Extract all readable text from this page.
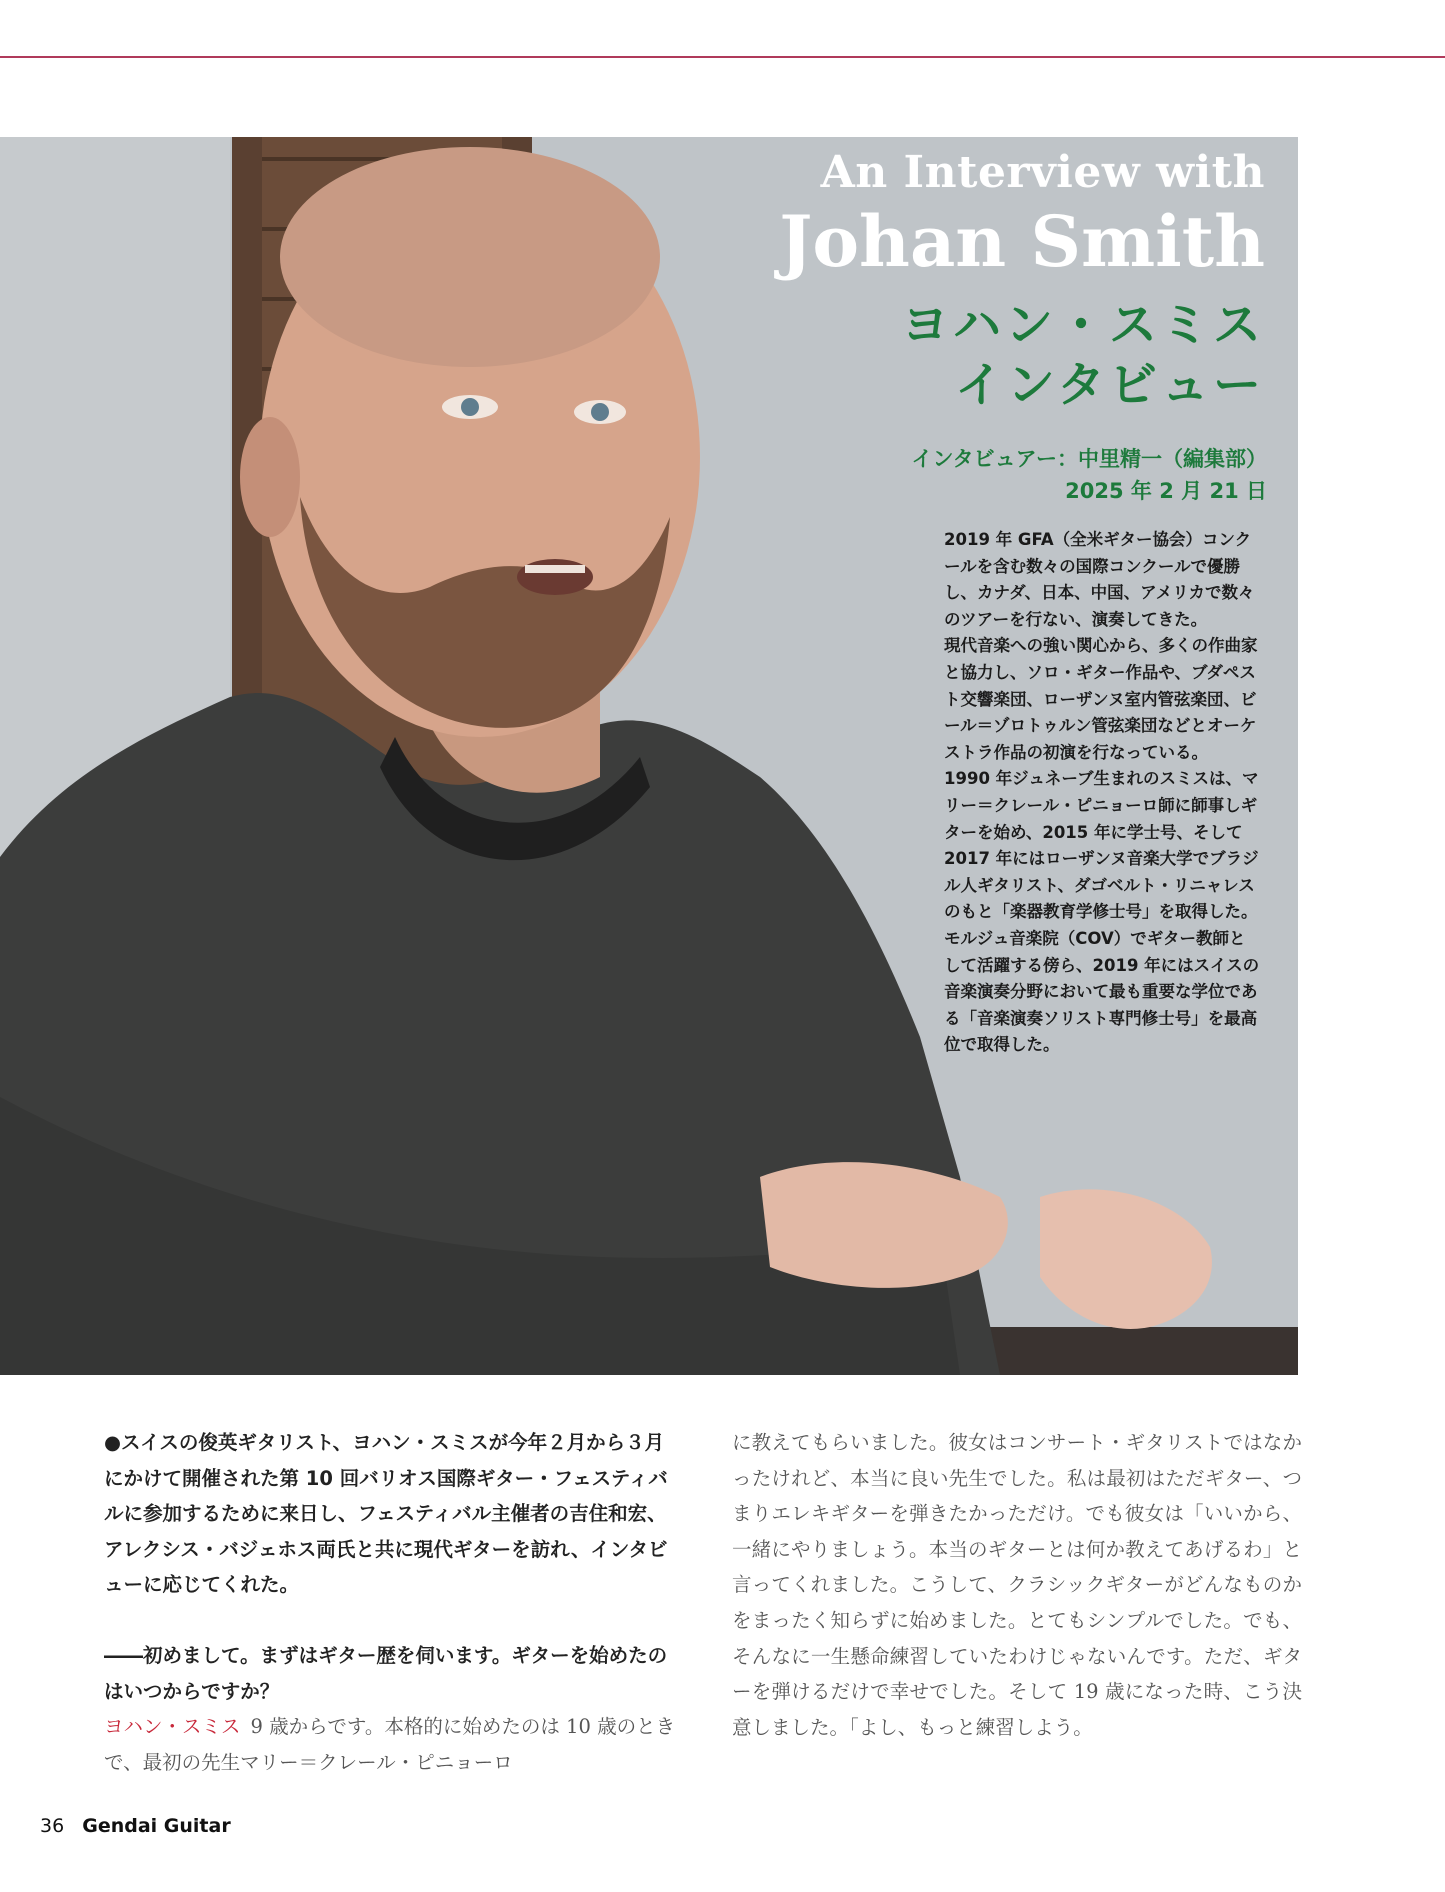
An Interview with
Johan Smith
ヨハン・スミス
インタビュー
インタビュアー：中里精一（編集部）
2025 年 2 月 21 日

2019 年 GFA（全米ギター協会）コンクールを含む数々の国際コンクールで優勝し、カナダ、日本、中国、アメリカで数々のツアーを行ない、演奏してきた。

現代音楽への強い関心から、多くの作曲家と協力し、ソロ・ギター作品や、ブダペスト交響楽団、ローザンヌ室内管弦楽団、ビール＝ゾロトゥルン管弦楽団などとオーケストラ作品の初演を行なっている。

1990 年ジュネーブ生まれのスミスは、マリー＝クレール・ピニョーロ師に師事しギターを始め、2015 年に学士号、そして 2017 年にはローザンヌ音楽大学でブラジル人ギタリスト、ダゴベルト・リニャレスのもと「楽器教育学修士号」を取得した。モルジュ音楽院（COV）でギター教師として活躍する傍ら、2019 年にはスイスの音楽演奏分野において最も重要な学位である「音楽演奏ソリスト専門修士号」を最高位で取得した。

●スイスの俊英ギタリスト、ヨハン・スミスが今年２月から３月にかけて開催された第 10 回バリオス国際ギター・フェスティバルに参加するために来日し、フェスティバル主催者の吉住和宏、アレクシス・バジェホス両氏と共に現代ギターを訪れ、インタビューに応じてくれた。

――初めまして。まずはギター歴を伺います。ギターを始めたのはいつからですか？

ヨハン・スミス 9 歳からです。本格的に始めたのは 10 歳のときで、最初の先生マリー＝クレール・ピニョーロ

に教えてもらいました。彼女はコンサート・ギタリストではなかったけれど、本当に良い先生でした。私は最初はただギター、つまりエレキギターを弾きたかっただけ。でも彼女は「いいから、一緒にやりましょう。本当のギターとは何か教えてあげるわ」と言ってくれました。こうして、クラシックギターがどんなものかをまったく知らずに始めました。とてもシンプルでした。でも、そんなに一生懸命練習していたわけじゃないんです。ただ、ギターを弾けるだけで幸せでした。そして 19 歳になった時、こう決意しました。「よし、もっと練習しよう。

36 Gendai Guitar
